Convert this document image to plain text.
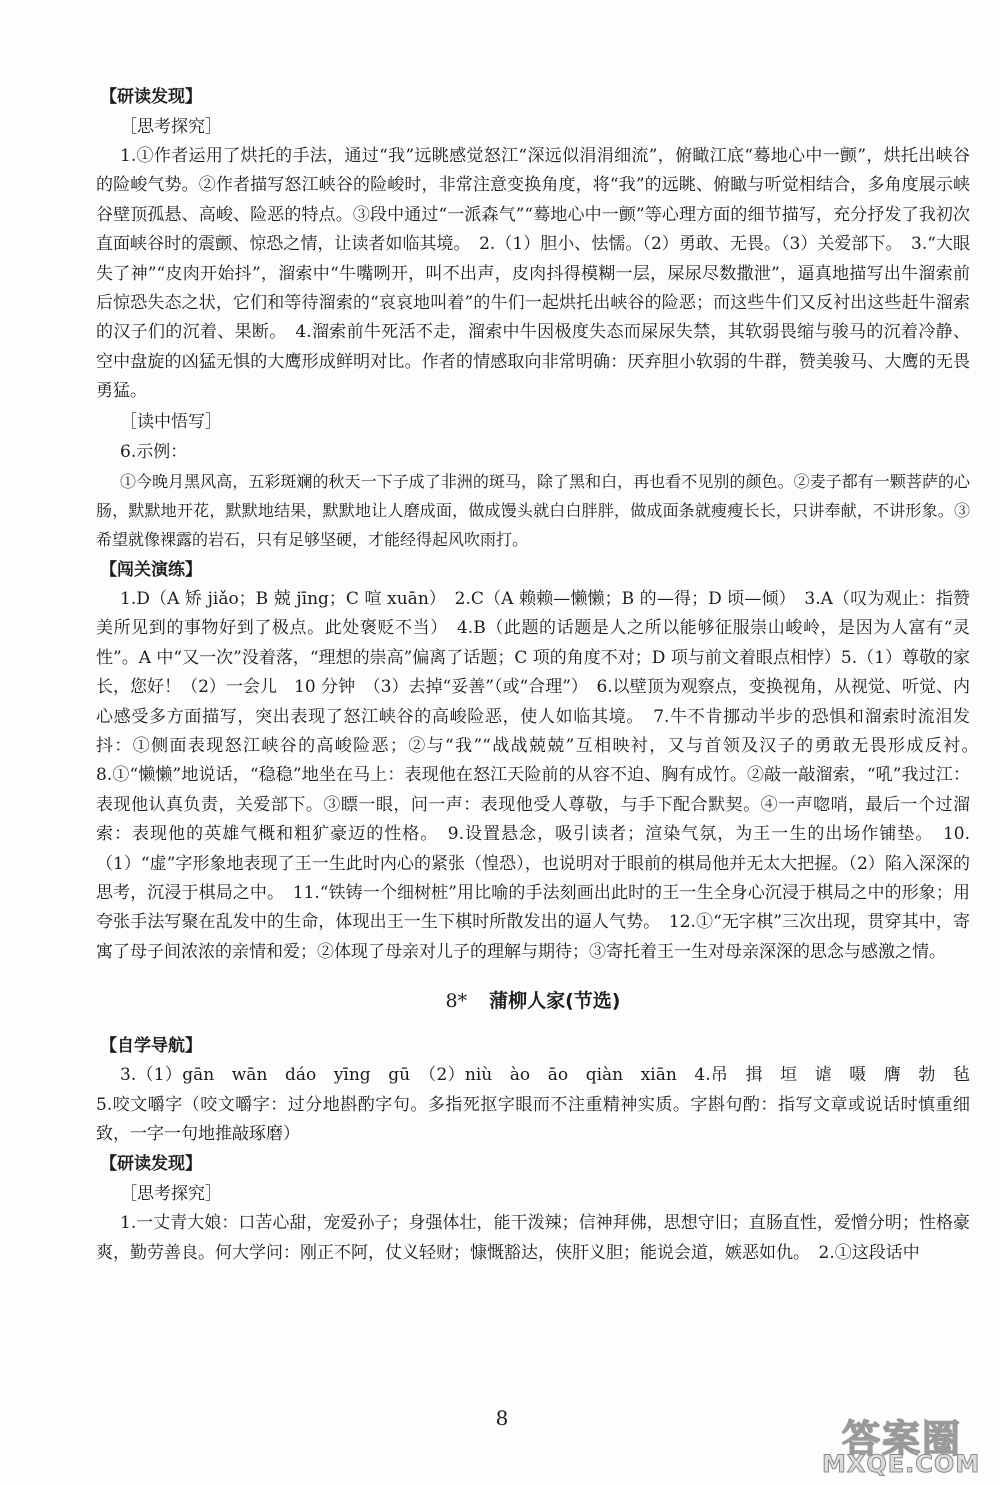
【研读发现】
［思考探究］

1.①作者运用了烘托的手法，通过“我”远眺感觉怒江“深远似涓涓细流”，俯瞰江底“蓦地心中一颤”，烘托出峡谷的险峻气势。②作者描写怒江峡谷的险峻时，非常注意变换角度，将“我”的远眺、俯瞰与听觉相结合，多角度展示峡谷壁顶孤悬、高峻、险恶的特点。③段中通过“一派森气”“蓦地心中一颤”等心理方面的细节描写，充分抒发了我初次直面峡谷时的震颤、惊恐之情，让读者如临其境。　2.（1）胆小、怯懦。（2）勇敢、无畏。（3）关爱部下。　3.“大眼失了神”“皮肉开始抖”，溜索中“牛嘴咧开，叫不出声，皮肉抖得模糊一层，屎尿尽数撒泄”，逼真地描写出牛溜索前后惊恐失态之状，它们和等待溜索的“哀哀地叫着”的牛们一起烘托出峡谷的险恶；而这些牛们又反衬出这些赶牛溜索的汉子们的沉着、果断。　4.溜索前牛死活不走，溜索中牛因极度失态而屎尿失禁，其软弱畏缩与骏马的沉着冷静、空中盘旋的凶猛无惧的大鹰形成鲜明对比。作者的情感取向非常明确：厌弃胆小软弱的牛群，赞美骏马、大鹰的无畏勇猛。

［读中悟写］
6.示例：

①今晚月黑风高，五彩斑斓的秋天一下子成了非洲的斑马，除了黑和白，再也看不见别的颜色。②麦子都有一颗菩萨的心肠，默默地开花，默默地结果，默默地让人磨成面，做成馒头就白白胖胖，做成面条就瘦瘦长长，只讲奉献，不讲形象。③希望就像裸露的岩石，只有足够坚硬，才能经得起风吹雨打。

【闯关演练】

1.D（A 矫 jiǎo；B 兢 jīng；C 喧 xuān）　2.C（A 赖赖—懒懒；B 的—得；D 顷—倾）　3.A（叹为观止：指赞美所见到的事物好到了极点。此处褒贬不当）　4.B（此题的话题是人之所以能够征服崇山峻岭，是因为人富有“灵性”。A 中“又一次”没着落，“理想的崇高”偏离了话题；C 项的角度不对；D 项与前文着眼点相悖）5.（1）尊敬的家长，您好！（2）一会儿　10 分钟　（3）去掉“妥善”（或“合理”）　6.以壁顶为观察点，变换视角，从视觉、听觉、内心感受多方面描写，突出表现了怒江峡谷的高峻险恶，使人如临其境。　7.牛不肯挪动半步的恐惧和溜索时流泪发抖：①侧面表现怒江峡谷的高峻险恶；②与“我”“战战兢兢”互相映衬，又与首领及汉子的勇敢无畏形成反衬。　8.①“懒懒”地说话，“稳稳”地坐在马上：表现他在怒江天险前的从容不迫、胸有成竹。②敲一敲溜索，“吼”我过江：表现他认真负责，关爱部下。③瞟一眼，问一声：表现他受人尊敬，与手下配合默契。④一声唿哨，最后一个过溜索：表现他的英雄气概和粗犷豪迈的性格。　9.设置悬念，吸引读者；渲染气氛，为王一生的出场作铺垫。　10.（1）“虚”字形象地表现了王一生此时内心的紧张（惶恐），也说明对于眼前的棋局他并无太大把握。（2）陷入深深的思考，沉浸于棋局之中。　11.“铁铸一个细树桩”用比喻的手法刻画出此时的王一生全身心沉浸于棋局之中的形象；用夸张手法写聚在乱发中的生命，体现出王一生下棋时所散发出的逼人气势。　12.①“无字棋”三次出现，贯穿其中，寄寓了母子间浓浓的亲情和爱；②体现了母亲对儿子的理解与期待；③寄托着王一生对母亲深深的思念与感激之情。

8* 蒲柳人家(节选)
【自学导航】

3.（1）gān　wān　dáo　yīng　gū　（2）niù　ào　āo　qiàn　xiān　4.吊　揖　垣　谑　嗫　膺　勃　毡　5.咬文嚼字（咬文嚼字：过分地斟酌字句。多指死抠字眼而不注重精神实质。字斟句酌：指写文章或说话时慎重细致，一字一句地推敲琢磨）

【研读发现】
［思考探究］

1.一丈青大娘：口苦心甜，宠爱孙子；身强体壮，能干泼辣；信神拜佛，思想守旧；直肠直性，爱憎分明；性格豪爽，勤劳善良。何大学问：刚正不阿，仗义轻财；慷慨豁达，侠肝义胆；能说会道，嫉恶如仇。　2.①这段话中

8	答案圈
MXQE.COM
